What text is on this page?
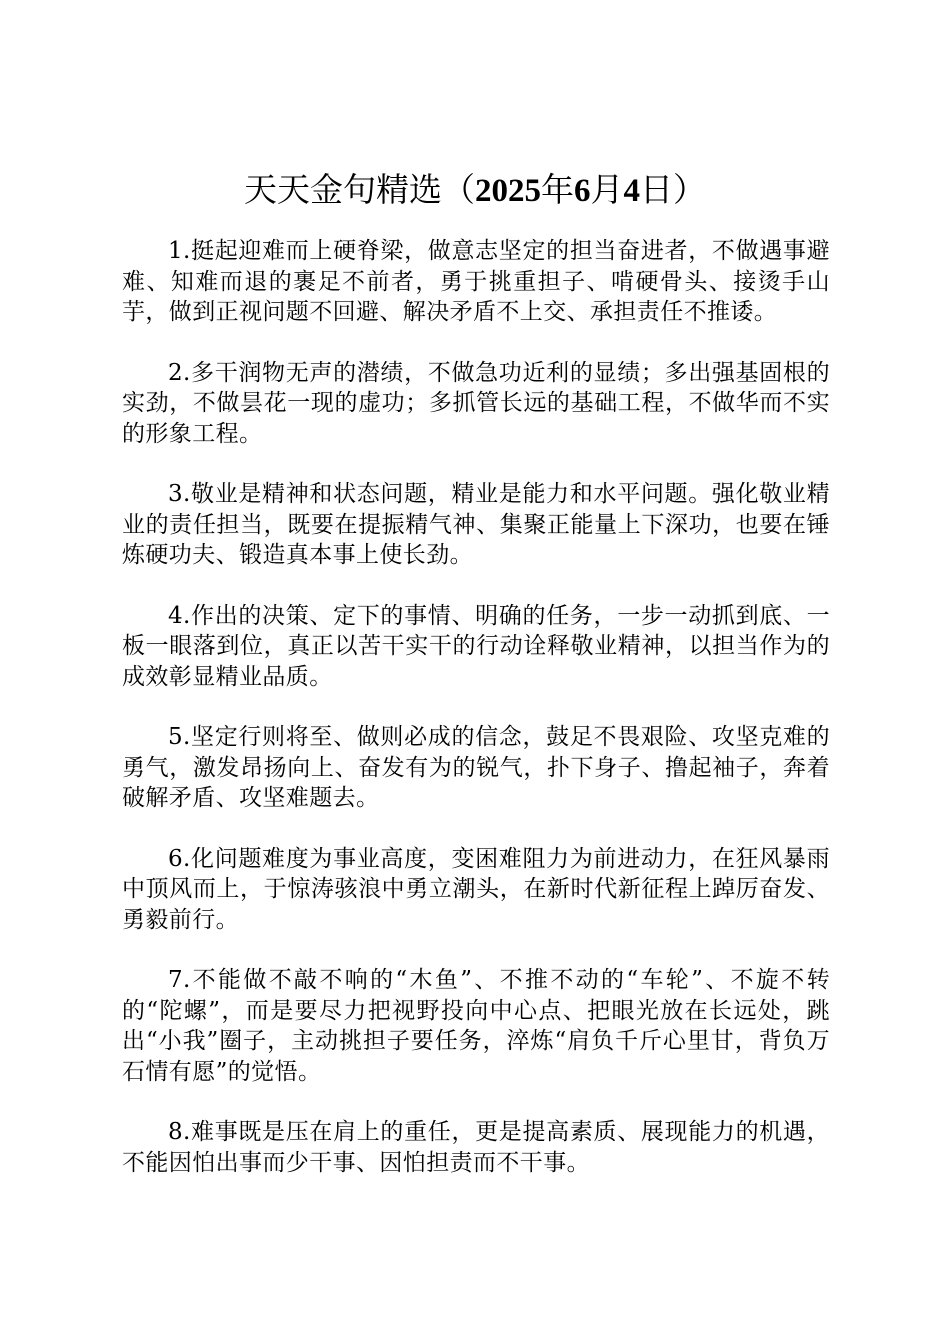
天天金句精选（2025年6月4日）

1.挺起迎难而上硬脊梁，做意志坚定的担当奋进者，不做遇事避难、知难而退的裹足不前者，勇于挑重担子、啃硬骨头、接烫手山芋，做到正视问题不回避、解决矛盾不上交、承担责任不推诿。

2.多干润物无声的潜绩，不做急功近利的显绩；多出强基固根的实劲，不做昙花一现的虚功；多抓管长远的基础工程，不做华而不实的形象工程。

3.敬业是精神和状态问题，精业是能力和水平问题。强化敬业精业的责任担当，既要在提振精气神、集聚正能量上下深功，也要在锤炼硬功夫、锻造真本事上使长劲。

4.作出的决策、定下的事情、明确的任务，一步一动抓到底、一板一眼落到位，真正以苦干实干的行动诠释敬业精神，以担当作为的成效彰显精业品质。

5.坚定行则将至、做则必成的信念，鼓足不畏艰险、攻坚克难的勇气，激发昂扬向上、奋发有为的锐气，扑下身子、撸起袖子，奔着破解矛盾、攻坚难题去。

6.化问题难度为事业高度，变困难阻力为前进动力，在狂风暴雨中顶风而上，于惊涛骇浪中勇立潮头，在新时代新征程上踔厉奋发、勇毅前行。

7.不能做不敲不响的“木鱼”、不推不动的“车轮”、不旋不转的“陀螺”，而是要尽力把视野投向中心点、把眼光放在长远处，跳出“小我”圈子，主动挑担子要任务，淬炼“肩负千斤心里甘，背负万石情有愿”的觉悟。

8.难事既是压在肩上的重任，更是提高素质、展现能力的机遇，不能因怕出事而少干事、因怕担责而不干事。
